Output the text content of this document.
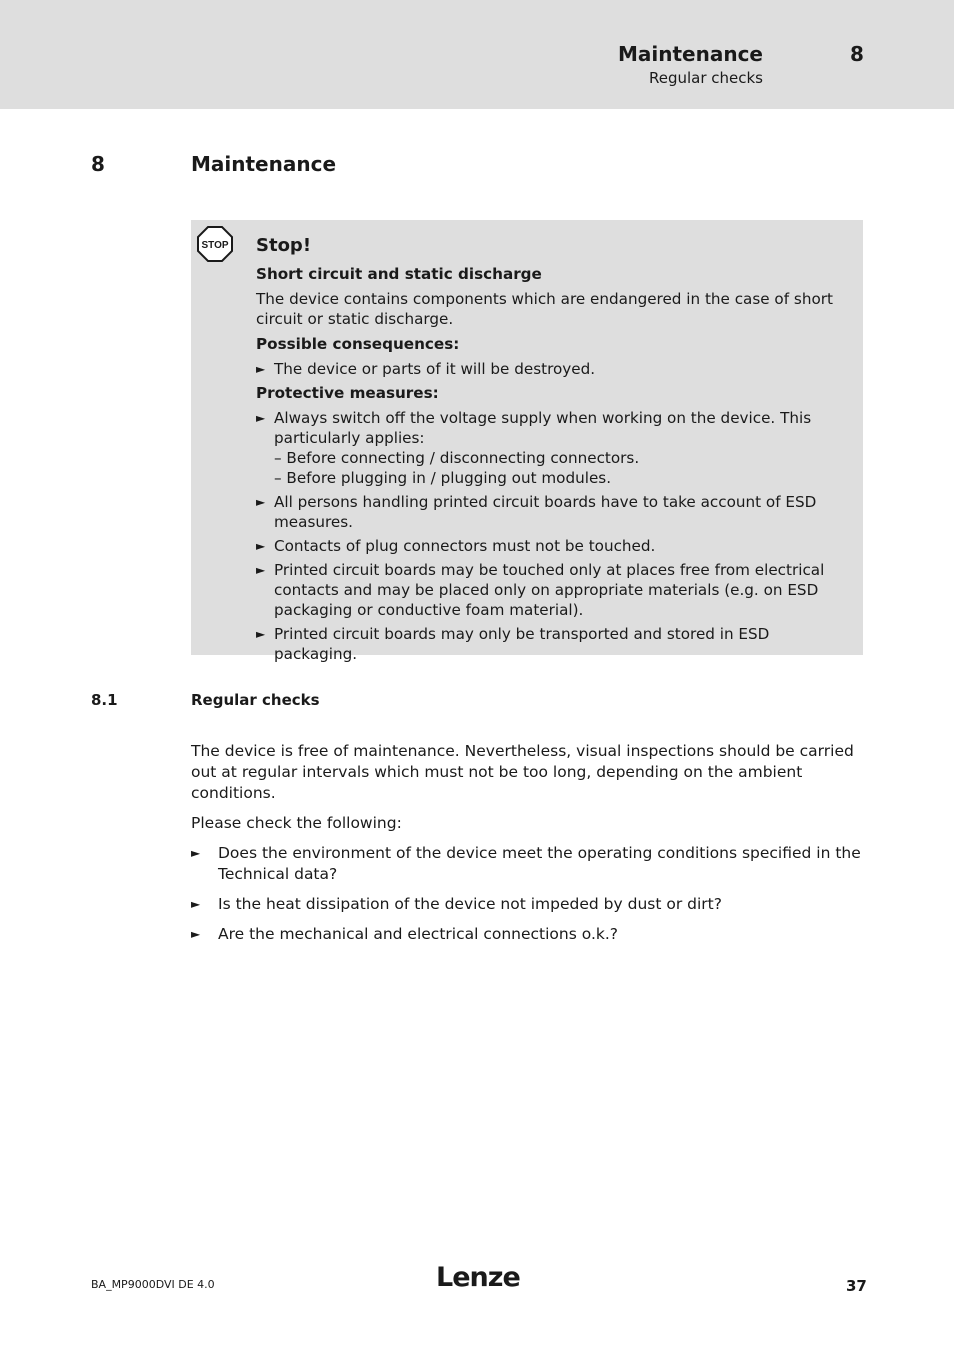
Maintenance
Regular checks
8
8	Maintenance
STOP Stop!
Short circuit and static discharge
The device contains components which are endangered in the case of short circuit or static discharge.
Possible consequences:
► The device or parts of it will be destroyed.
Protective measures:
► Always switch off the voltage supply when working on the device. This particularly applies:
– Before connecting / disconnecting connectors.
– Before plugging in / plugging out modules.
► All persons handling printed circuit boards have to take account of ESD measures.
► Contacts of plug connectors must not be touched.
► Printed circuit boards may be touched only at places free from electrical contacts and may be placed only on appropriate materials (e.g. on ESD packaging or conductive foam material).
► Printed circuit boards may only be transported and stored in ESD packaging.
8.1	Regular checks
The device is free of maintenance. Nevertheless, visual inspections should be carried out at regular intervals which must not be too long, depending on the ambient conditions.
Please check the following:
► Does the environment of the device meet the operating conditions specified in the Technical data?
► Is the heat dissipation of the device not impeded by dust or dirt?
► Are the mechanical and electrical connections o.k.?
BA_MP9000DVI DE 4.0	Lenze	37
